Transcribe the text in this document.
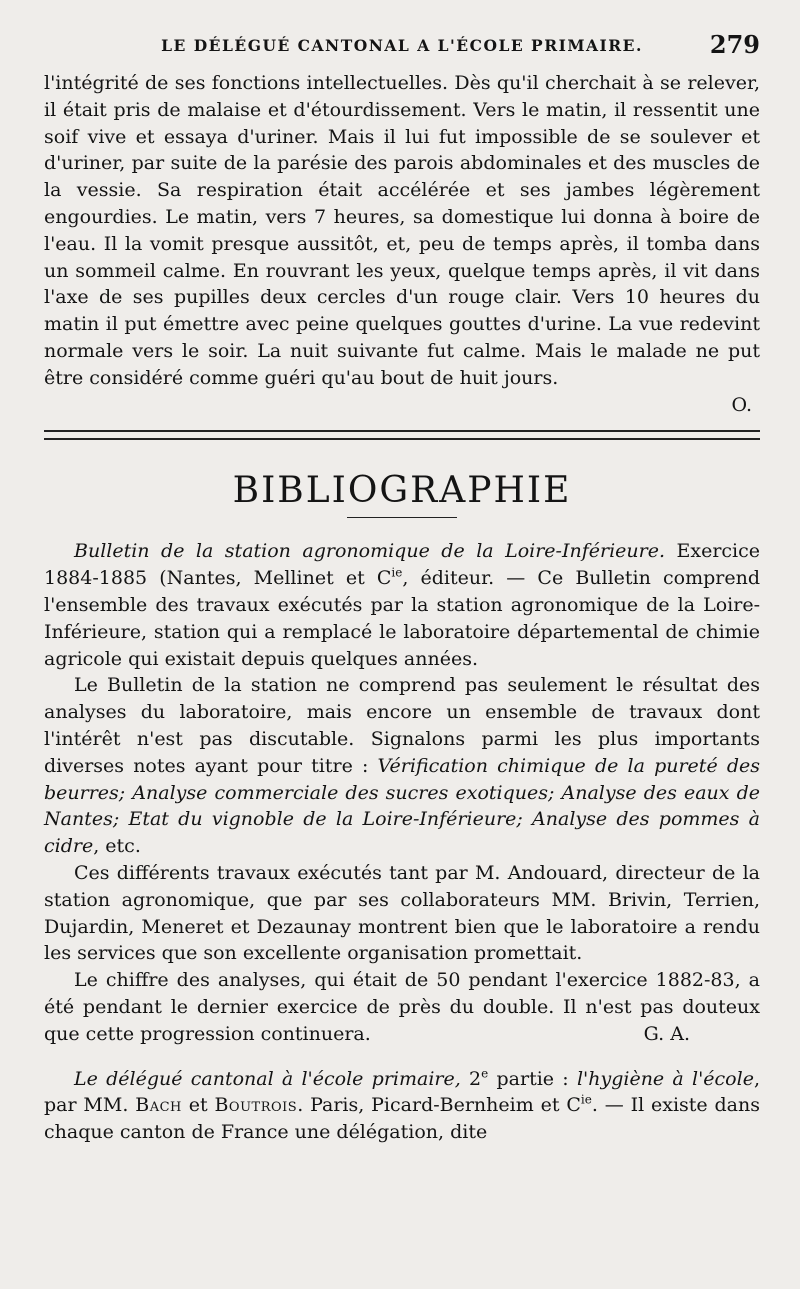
LE DÉLÉGUÉ CANTONAL A L'ÉCOLE PRIMAIRE.	279

l'intégrité de ses fonctions intellectuelles. Dès qu'il cherchait à se relever, il était pris de malaise et d'étourdissement. Vers le matin, il ressentit une soif vive et essaya d'uriner. Mais il lui fut impossible de se soulever et d'uriner, par suite de la parésie des parois abdominales et des muscles de la vessie. Sa respiration était accélérée et ses jambes légèrement engourdies. Le matin, vers 7 heures, sa domestique lui donna à boire de l'eau. Il la vomit presque aussitôt, et, peu de temps après, il tomba dans un sommeil calme. En rouvrant les yeux, quelque temps après, il vit dans l'axe de ses pupilles deux cercles d'un rouge clair. Vers 10 heures du matin il put émettre avec peine quelques gouttes d'urine. La vue redevint normale vers le soir. La nuit suivante fut calme. Mais le malade ne put être considéré comme guéri qu'au bout de huit jours.

O.

BIBLIOGRAPHIE

Bulletin de la station agronomique de la Loire-Inférieure. Exercice 1884-1885 (Nantes, Mellinet et $C^{ie}$, éditeur. — Ce Bulletin comprend l'ensemble des travaux exécutés par la station agronomique de la Loire-Inférieure, station qui a remplacé le laboratoire départemental de chimie agricole qui existait depuis quelques années.

Le Bulletin de la station ne comprend pas seulement le résultat des analyses du laboratoire, mais encore un ensemble de travaux dont l'intérêt n'est pas discutable. Signalons parmi les plus importants diverses notes ayant pour titre : Vérification chimique de la pureté des beurres; Analyse commerciale des sucres exotiques; Analyse des eaux de Nantes; Etat du vignoble de la Loire-Inférieure; Analyse des pommes à cidre, etc.

Ces différents travaux exécutés tant par M. Andouard, directeur de la station agronomique, que par ses collaborateurs MM. Brivin, Terrien, Dujardin, Meneret et Dezaunay montrent bien que le laboratoire a rendu les services que son excellente organisation promettait.

Le chiffre des analyses, qui était de 50 pendant l'exercice 1882-83, a été pendant le dernier exercice de près du double. Il n'est pas douteux que cette progression continuera.	G. A.

Le délégué cantonal à l'école primaire, 2e partie : l'hygiène à l'école, par MM. Bach et Boutrois. Paris, Picard-Bernheim et $C^{ie}$. — Il existe dans chaque canton de France une délégation, dite
